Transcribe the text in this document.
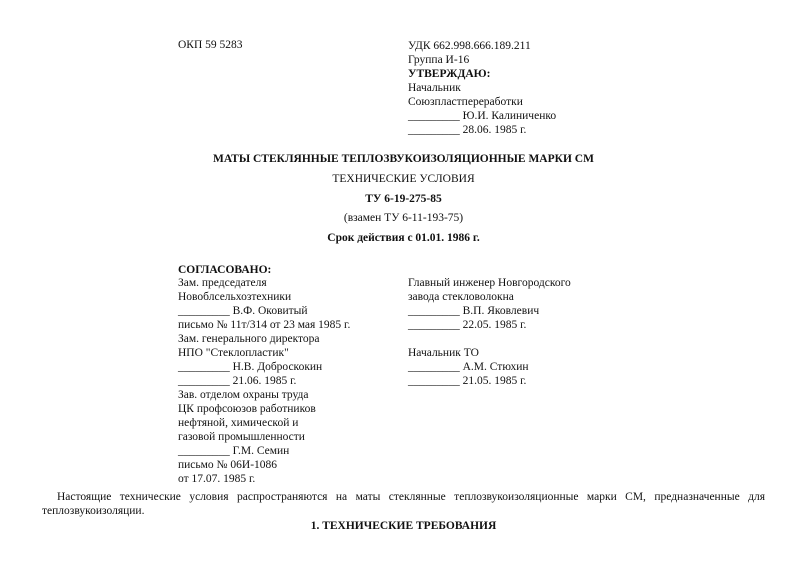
ОКП 59 5283	УДК 662.998.666.189.211
Группа И-16
УТВЕРЖДАЮ:
Начальник
Союзпластпереработки
_________ Ю.И. Калиниченко
_________ 28.06. 1985 г.
МАТЫ СТЕКЛЯННЫЕ ТЕПЛОЗВУКОИЗОЛЯЦИОННЫЕ МАРКИ СМ
ТЕХНИЧЕСКИЕ УСЛОВИЯ
ТУ 6-19-275-85
(взамен ТУ 6-11-193-75)
Срок действия с 01.01. 1986 г.
СОГЛАСОВАНО:
Зам. председателя
Новоблсельхозтехники
_________ В.Ф. Оковитый
письмо № 11т/314 от 23 мая 1985 г.
Зам. генерального директора
НПО "Стеклопластик"
_________ Н.В. Доброскокин
_________ 21.06. 1985 г.
Зав. отделом охраны труда
ЦК профсоюзов работников
нефтяной, химической и
газовой промышленности
_________ Г.М. Семин
письмо № 06И-1086
от 17.07. 1985 г.
Главный инженер Новгородского
завода стекловолокна
_________ В.П. Яковлевич
_________ 22.05. 1985 г.
Начальник ТО
_________ А.М. Стюхин
_________ 21.05. 1985 г.
Настоящие технические условия распространяются на маты стеклянные теплозвукоизоляционные марки СМ, предназначенные для теплозвукоизоляции.
1. ТЕХНИЧЕСКИЕ ТРЕБОВАНИЯ
